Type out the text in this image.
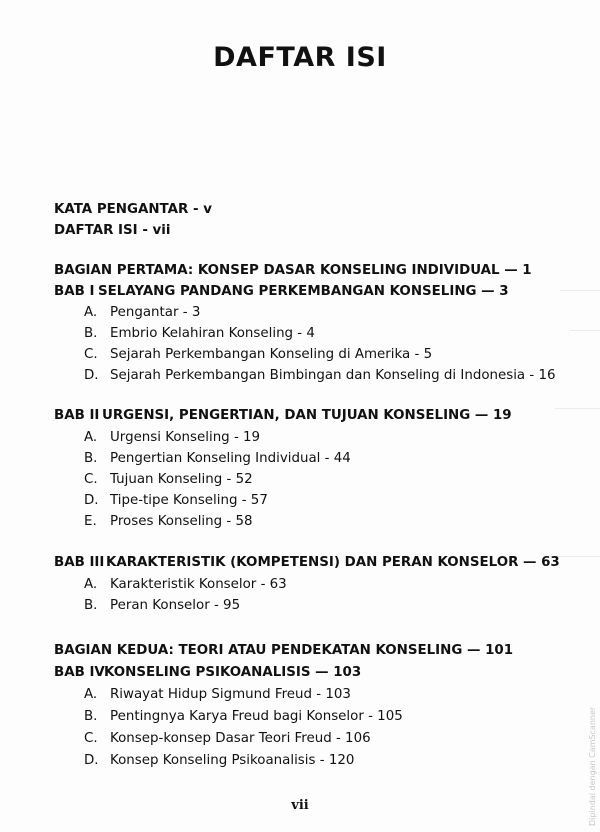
DAFTAR ISI
KATA PENGANTAR - v
DAFTAR ISI - vii
BAGIAN PERTAMA: KONSEP DASAR KONSELING INDIVIDUAL — 1
BAB I SELAYANG PANDANG PERKEMBANGAN KONSELING — 3
A. Pengantar - 3
B. Embrio Kelahiran Konseling - 4
C. Sejarah Perkembangan Konseling di Amerika - 5
D. Sejarah Perkembangan Bimbingan dan Konseling di Indonesia - 16
BAB II URGENSI, PENGERTIAN, DAN TUJUAN KONSELING — 19
A. Urgensi Konseling - 19
B. Pengertian Konseling Individual - 44
C. Tujuan Konseling - 52
D. Tipe-tipe Konseling - 57
E. Proses Konseling - 58
BAB III KARAKTERISTIK (KOMPETENSI) DAN PERAN KONSELOR — 63
A. Karakteristik Konselor - 63
B. Peran Konselor - 95
BAGIAN KEDUA: TEORI ATAU PENDEKATAN KONSELING — 101
BAB IVKONSELING PSIKOANALISIS — 103
A. Riwayat Hidup Sigmund Freud - 103
B. Pentingnya Karya Freud bagi Konselor - 105
C. Konsep-konsep Dasar Teori Freud - 106
D. Konsep Konseling Psikoanalisis - 120
vii	Dipindai dengan CamScanner
